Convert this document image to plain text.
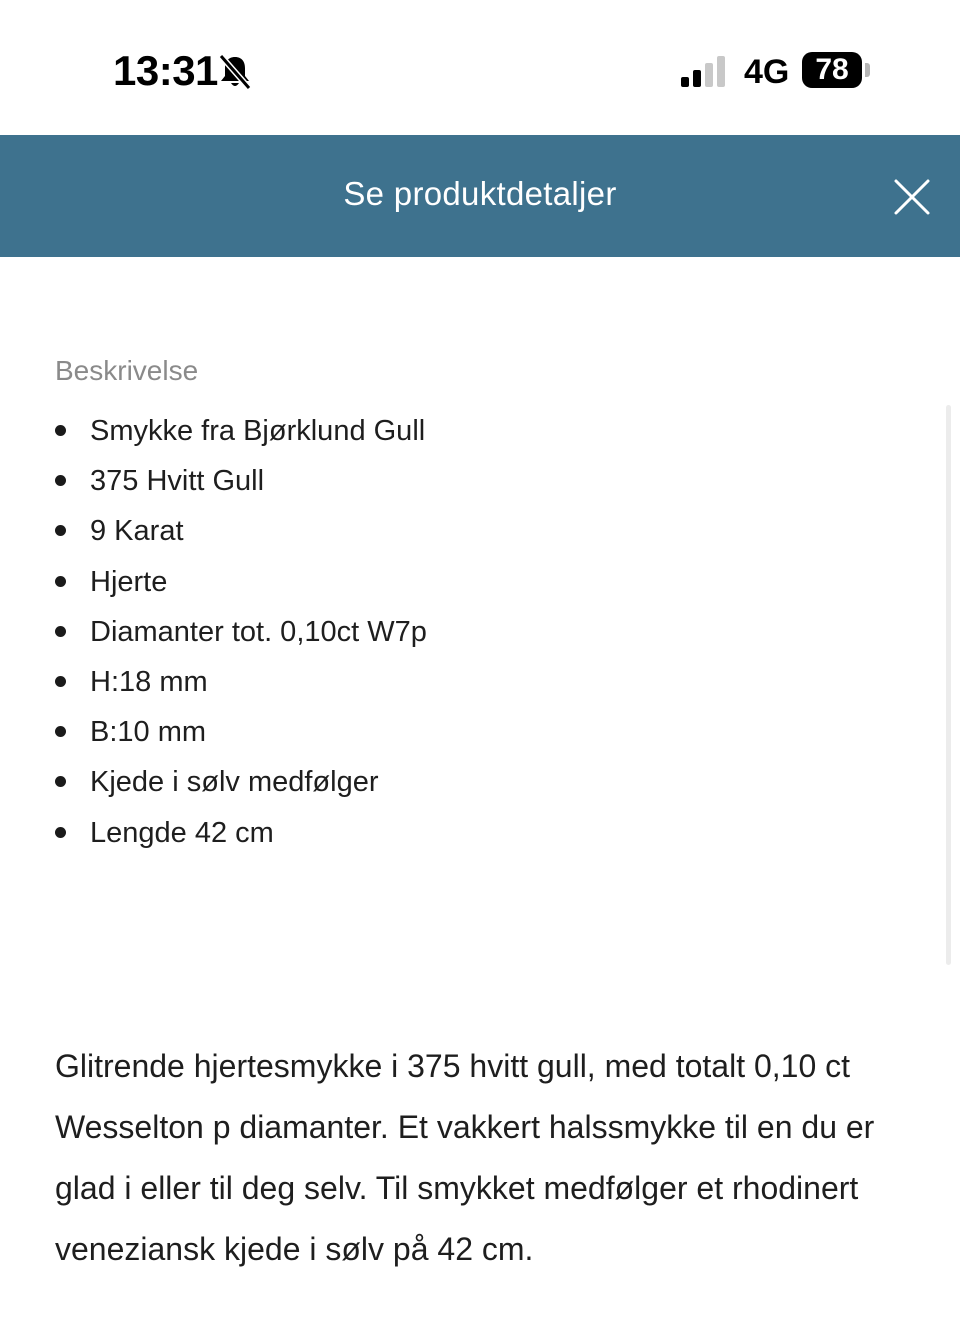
13:31	4G 78
Se produktdetaljer
Beskrivelse
Smykke fra Bjørklund Gull
375 Hvitt Gull
9 Karat
Hjerte
Diamanter tot. 0,10ct W7p
H:18 mm
B:10 mm
Kjede i sølv medfølger
Lengde 42 cm

Glitrende hjertesmykke i 375 hvitt gull, med totalt 0,10 ct Wesselton p diamanter. Et vakkert halssmykke til en du er glad i eller til deg selv. Til smykket medfølger et rhodinert veneziansk kjede i sølv på 42 cm.
